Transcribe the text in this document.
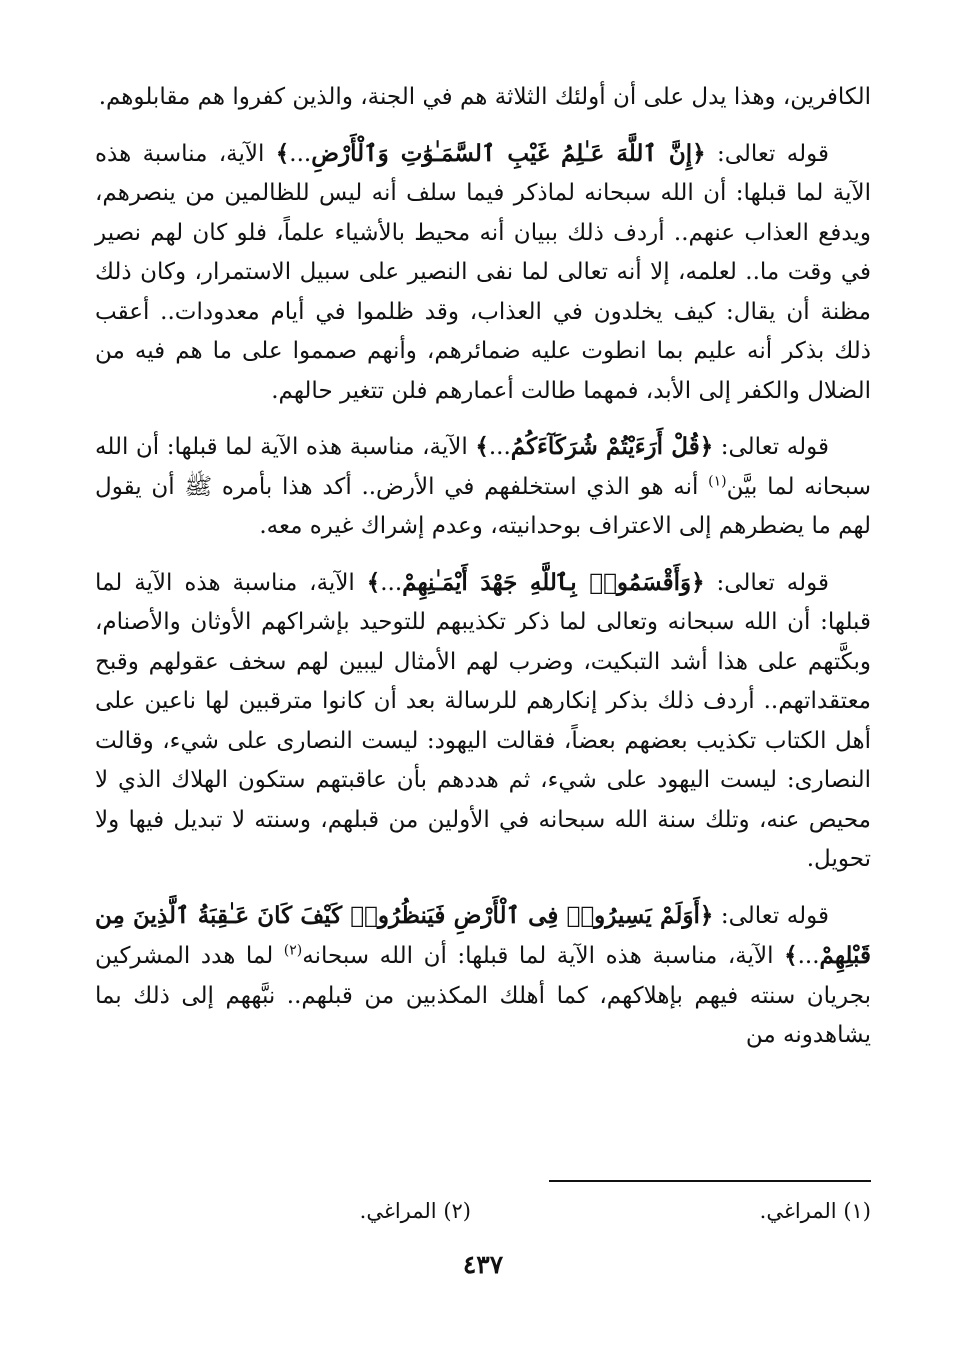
الكافرين، وهذا يدل على أن أولئك الثلاثة هم في الجنة، والذين كفروا هم مقابلوهم.

قوله تعالى: ﴿إِنَّ ٱللَّهَ عَـٰلِمُ غَيْبِ ٱلسَّمَـٰوَٰتِ وَٱلْأَرْضِ...﴾ الآية، مناسبة هذه الآية لما قبلها: أن الله سبحانه لماذكر فيما سلف أنه ليس للظالمين من ينصرهم، ويدفع العذاب عنهم.. أردف ذلك ببيان أنه محيط بالأشياء علماً، فلو كان لهم نصير في وقت ما.. لعلمه، إلا أنه تعالى لما نفى النصير على سبيل الاستمرار، وكان ذلك مظنة أن يقال: كيف يخلدون في العذاب، وقد ظلموا في أيام معدودات.. أعقب ذلك بذكر أنه عليم بما انطوت عليه ضمائرهم، وأنهم صمموا على ما هم فيه من الضلال والكفر إلى الأبد، فمهما طالت أعمارهم فلن تتغير حالهم.

قوله تعالى: ﴿قُلْ أَرَءَيْتُمْ شُرَكَآءَكُمُ...﴾ الآية، مناسبة هذه الآية لما قبلها: أن الله سبحانه لما بيَّن$^{(١)}$ أنه هو الذي استخلفهم في الأرض.. أكد هذا بأمره ﷺ أن يقول لهم ما يضطرهم إلى الاعتراف بوحدانيته، وعدم إشراك غيره معه.

قوله تعالى: ﴿وَأَقْسَمُوا۟ بِٱللَّهِ جَهْدَ أَيْمَـٰنِهِمْ...﴾ الآية، مناسبة هذه الآية لما قبلها: أن الله سبحانه وتعالى لما ذكر تكذيبهم للتوحيد بإشراكهم الأوثان والأصنام، وبكَّتهم على هذا أشد التبكيت، وضرب لهم الأمثال ليبين لهم سخف عقولهم وقبح معتقداتهم.. أردف ذلك بذكر إنكارهم للرسالة بعد أن كانوا مترقبين لها ناعين على أهل الكتاب تكذيب بعضهم بعضاً، فقالت اليهود: ليست النصارى على شيء، وقالت النصارى: ليست اليهود على شيء، ثم هددهم بأن عاقبتهم ستكون الهلاك الذي لا محيص عنه، وتلك سنة الله سبحانه في الأولين من قبلهم، وسنته لا تبديل فيها ولا تحويل.

قوله تعالى: ﴿أَوَلَمْ يَسِيرُوا۟ فِى ٱلْأَرْضِ فَيَنظُرُوا۟ كَيْفَ كَانَ عَـٰقِبَةُ ٱلَّذِينَ مِن قَبْلِهِمْ...﴾ الآية، مناسبة هذه الآية لما قبلها: أن الله سبحانه$^{(٢)}$ لما هدد المشركين بجريان سنته فيهم بإهلاكهم، كما أهلك المكذبين من قبلهم.. نبَّههم إلى ذلك بما يشاهدونه من

(١) المراغي.
(٢) المراغي.
٤٣٧
